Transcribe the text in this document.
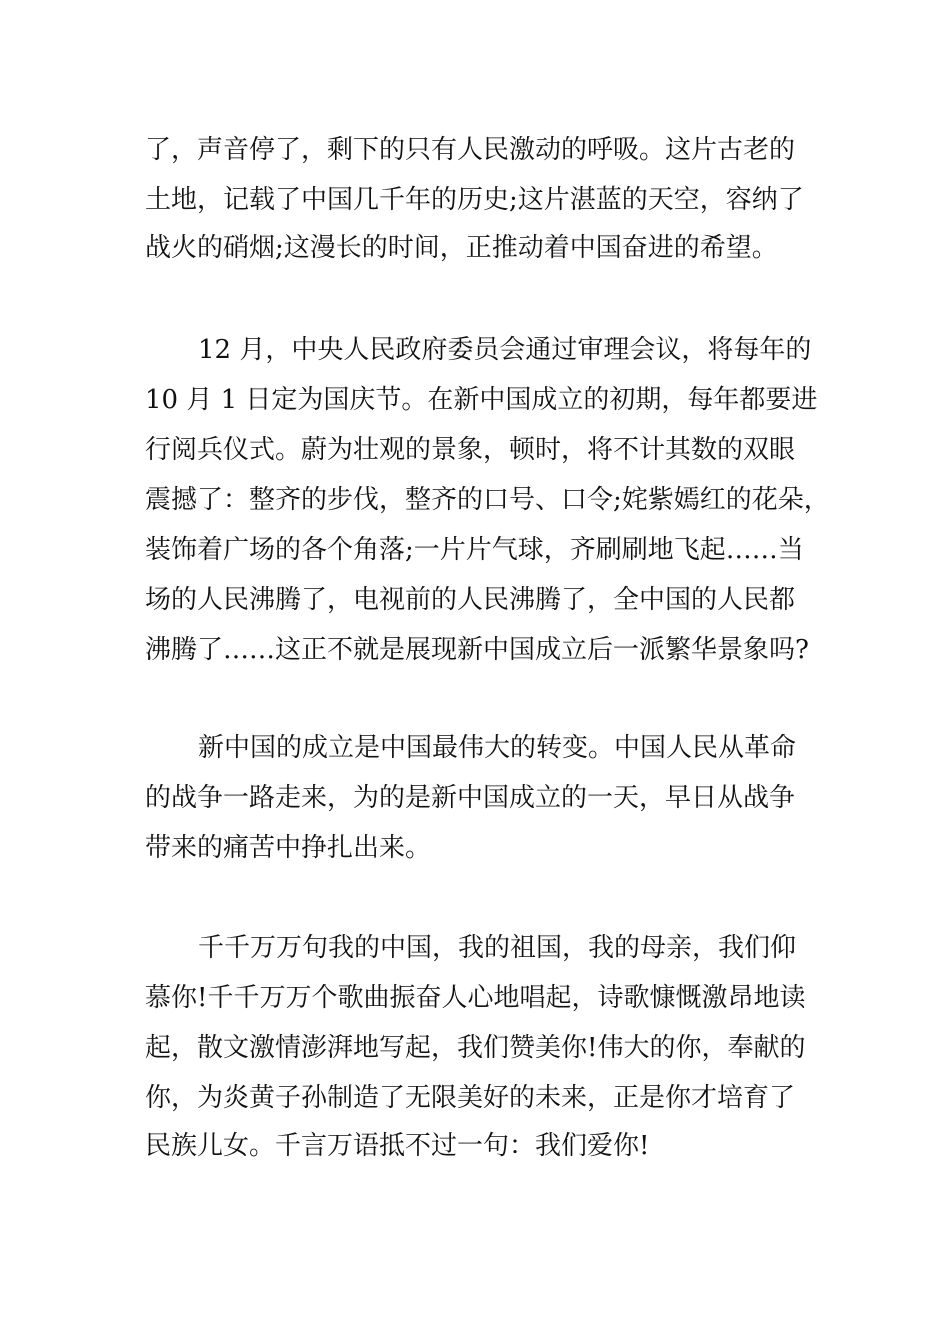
了，声音停了，剩下的只有人民激动的呼吸。这片古老的

土地，记载了中国几千年的历史;这片湛蓝的天空，容纳了

战火的硝烟;这漫长的时间，正推动着中国奋进的希望。

12 月，中央人民政府委员会通过审理会议，将每年的

10 月 1 日定为国庆节。在新中国成立的初期，每年都要进

行阅兵仪式。蔚为壮观的景象，顿时，将不计其数的双眼

震撼了：整齐的步伐，整齐的口号、口令;姹紫嫣红的花朵，

装饰着广场的各个角落;一片片气球，齐刷刷地飞起……当

场的人民沸腾了，电视前的人民沸腾了，全中国的人民都

沸腾了……这正不就是展现新中国成立后一派繁华景象吗?

新中国的成立是中国最伟大的转变。中国人民从革命

的战争一路走来，为的是新中国成立的一天，早日从战争

带来的痛苦中挣扎出来。

千千万万句我的中国，我的祖国，我的母亲，我们仰

慕你!千千万万个歌曲振奋人心地唱起，诗歌慷慨激昂地读

起，散文激情澎湃地写起，我们赞美你!伟大的你，奉献的

你，为炎黄子孙制造了无限美好的未来，正是你才培育了

民族儿女。千言万语抵不过一句：我们爱你!
